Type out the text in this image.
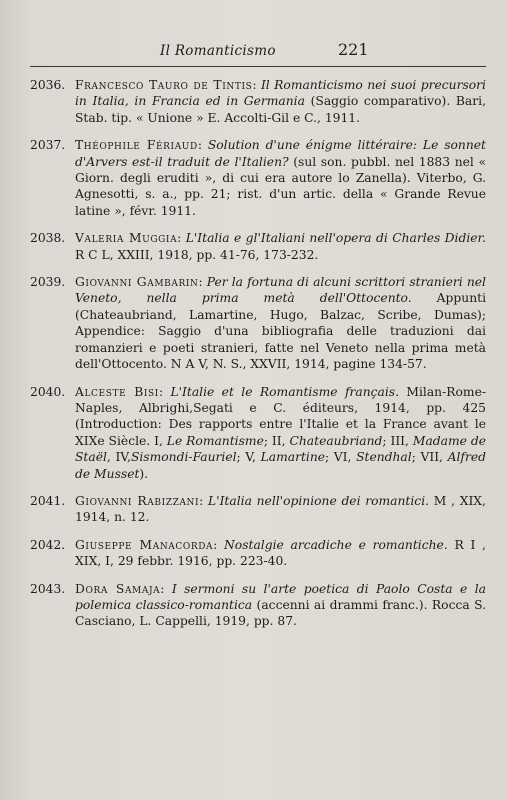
Il Romanticismo	221
2036. Francesco Tauro de Tintis: Il Romanticismo nei suoi precursori in Italia, in Francia ed in Germania (Saggio comparativo). Bari, Stab. tip. « Unione » E. Accolti-Gil e C., 1911.
2037. Théophile Fériaud: Solution d'une énigme littéraire: Le sonnet d'Arvers est-il traduit de l'Italien? (sul son. pubbl. nel 1883 nel « Giorn. degli eruditi », di cui era autore lo Zanella). Viterbo, G. Agnesotti, s. a., pp. 21; rist. d'un artic. della « Grande Revue latine », févr. 1911.
2038. Valeria Muggia: L'Italia e gl'Italiani nell'opera di Charles Didier. R C L, XXIII, 1918, pp. 41-76, 173-232.
2039. Giovanni Gambarin: Per la fortuna di alcuni scrittori stranieri nel Veneto, nella prima metà dell'Ottocento. Appunti (Chateaubriand, Lamartine, Hugo, Balzac, Scribe, Dumas); Appendice: Saggio d'una bibliografia delle traduzioni dai romanzieri e poeti stranieri, fatte nel Veneto nella prima metà dell'Ottocento. N A V, N. S., XXVII, 1914, pagine 134-57.
2040. Alceste Bisi: L'Italie et le Romantisme français. Milan-Rome-Naples, Albrighi,Segati e C. éditeurs, 1914, pp. 425 (Introduction: Des rapports entre l'Italie et la France avant le XIXe Siècle. I, Le Romantisme; II, Chateaubriand; III, Madame de Staël, IV,Sismondi-Fauriel; V, Lamartine; VI, Stendhal; VII, Alfred de Musset).
2041. Giovanni Rabizzani: L'Italia nell'opinione dei romantici. M , XIX, 1914, n. 12.
2042. Giuseppe Manacorda: Nostalgie arcadiche e romantiche. R I , XIX, I, 29 febbr. 1916, pp. 223-40.
2043. Dora Samaja: I sermoni su l'arte poetica di Paolo Costa e la polemica classico-romantica (accenni ai drammi franc.). Rocca S. Casciano, L. Cappelli, 1919, pp. 87.
